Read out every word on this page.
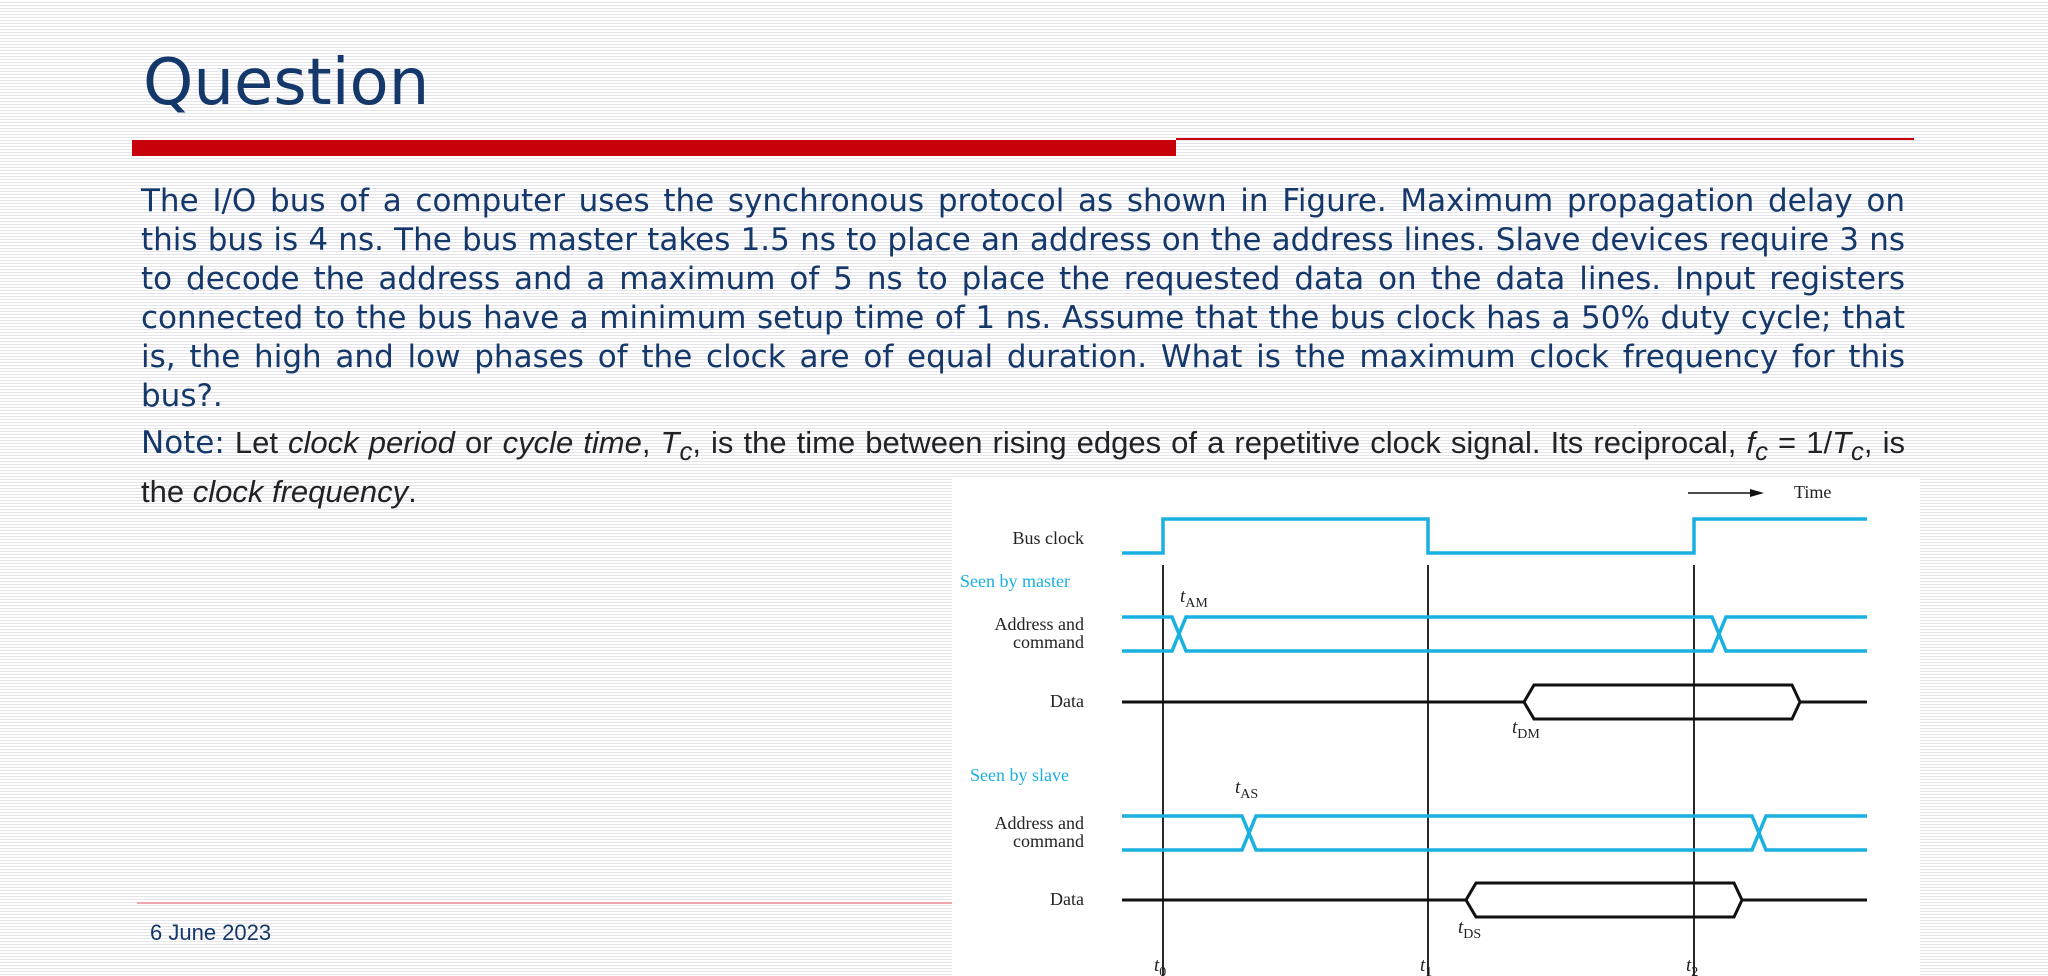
Question

The I/O bus of a computer uses the synchronous protocol as shown in Figure. Maximum propagation delay on this bus is 4 ns. The bus master takes 1.5 ns to place an address on the address lines. Slave devices require 3 ns to decode the address and a maximum of 5 ns to place the requested data on the data lines. Input registers connected to the bus have a minimum setup time of 1 ns. Assume that the bus clock has a 50% duty cycle; that is, the high and low phases of the clock are of equal duration. What is the maximum clock frequency for this bus?.

Note: Let clock period or cycle time, $T_c$, is the time between rising edges of a repetitive clock signal. Its reciprocal, $f_c = 1/T_c$, is the clock frequency.

6 June 2023

Time
Bus clock
Seen by master
Address and
command
Data
Seen by slave
Address and
command
Data
$t_{AM}$
$t_{DM}$
$t_{AS}$
$t_{DS}$
$t_0$	$t_1$	$t_2$
